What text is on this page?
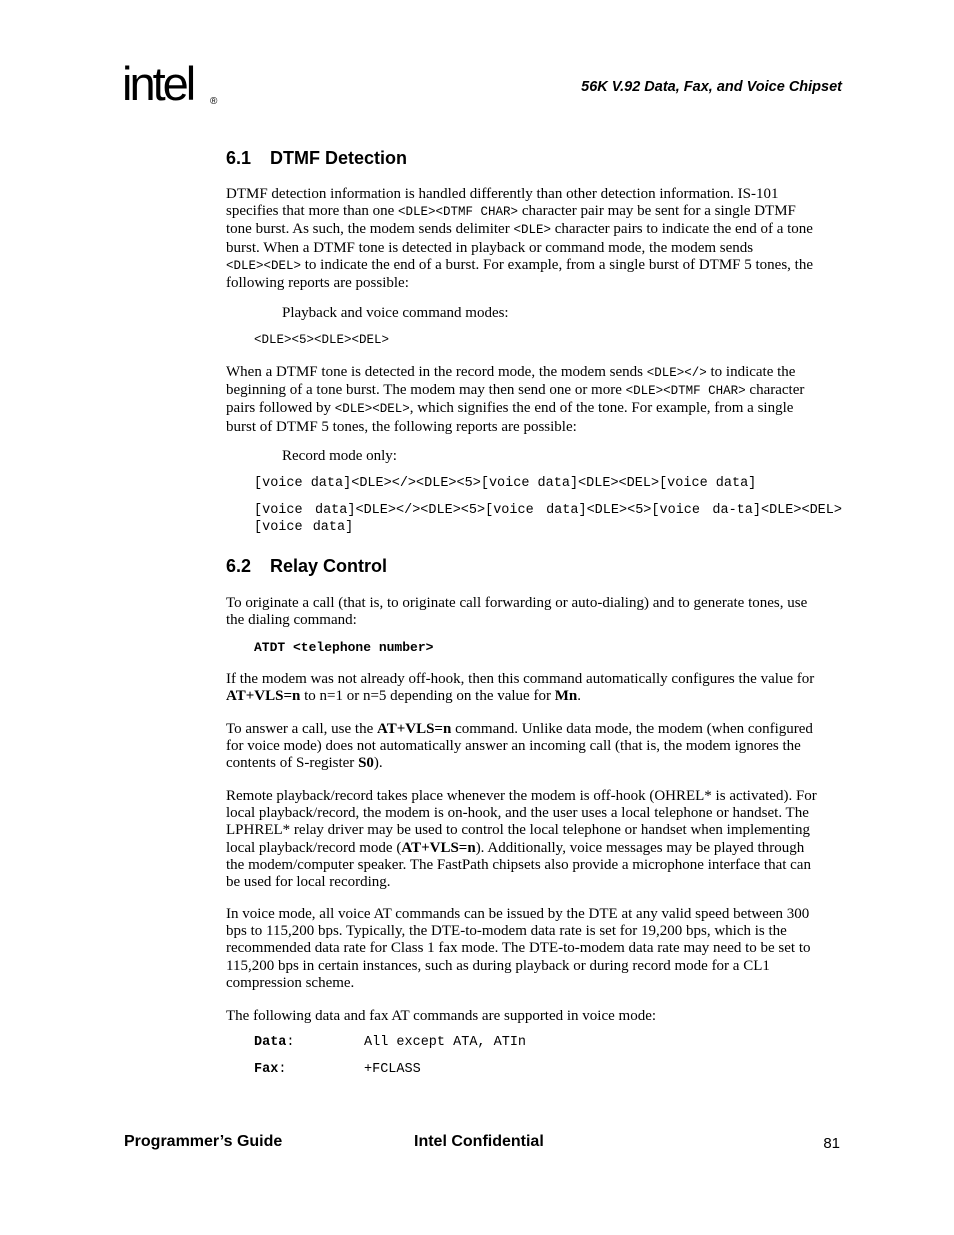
intel ®
56K V.92 Data, Fax, and Voice Chipset
6.1 DTMF Detection
DTMF detection information is handled differently than other detection information. IS-101
specifies that more than one <DLE><DTMF CHAR> character pair may be sent for a single DTMF
tone burst. As such, the modem sends delimiter <DLE> character pairs to indicate the end of a tone
burst. When a DTMF tone is detected in playback or command mode, the modem sends
<DLE><DEL> to indicate the end of a burst. For example, from a single burst of DTMF 5 tones, the
following reports are possible:
Playback and voice command modes:
<DLE><5><DLE><DEL>
When a DTMF tone is detected in the record mode, the modem sends <DLE></> to indicate the
beginning of a tone burst. The modem may then send one or more <DLE><DTMF CHAR> character
pairs followed by <DLE><DEL>, which signifies the end of the tone. For example, from a single
burst of DTMF 5 tones, the following reports are possible:
Record mode only:
[voice data]<DLE></><DLE><5>[voice data]<DLE><DEL>[voice data]
[voice data]<DLE></><DLE><5>[voice data]<DLE><5>[voice da-ta]<DLE><DEL>[voice data]
6.2 Relay Control
To originate a call (that is, to originate call forwarding or auto-dialing) and to generate tones, use
the dialing command:
ATDT <telephone number>
If the modem was not already off-hook, then this command automatically configures the value for
AT+VLS=n to n=1 or n=5 depending on the value for Mn.
To answer a call, use the AT+VLS=n command. Unlike data mode, the modem (when configured
for voice mode) does not automatically answer an incoming call (that is, the modem ignores the
contents of S-register S0).
Remote playback/record takes place whenever the modem is off-hook (OHREL* is activated). For
local playback/record, the modem is on-hook, and the user uses a local telephone or handset. The
LPHREL* relay driver may be used to control the local telephone or handset when implementing
local playback/record mode (AT+VLS=n). Additionally, voice messages may be played through
the modem/computer speaker. The FastPath chipsets also provide a microphone interface that can
be used for local recording.
In voice mode, all voice AT commands can be issued by the DTE at any valid speed between 300
bps to 115,200 bps. Typically, the DTE-to-modem data rate is set for 19,200 bps, which is the
recommended data rate for Class 1 fax mode. The DTE-to-modem data rate may need to be set to
115,200 bps in certain instances, such as during playback or during record mode for a CL1
compression scheme.
The following data and fax AT commands are supported in voice mode:
Data:	All except ATA, ATIn
Fax:	+FCLASS
Programmer’s Guide	Intel Confidential	81
